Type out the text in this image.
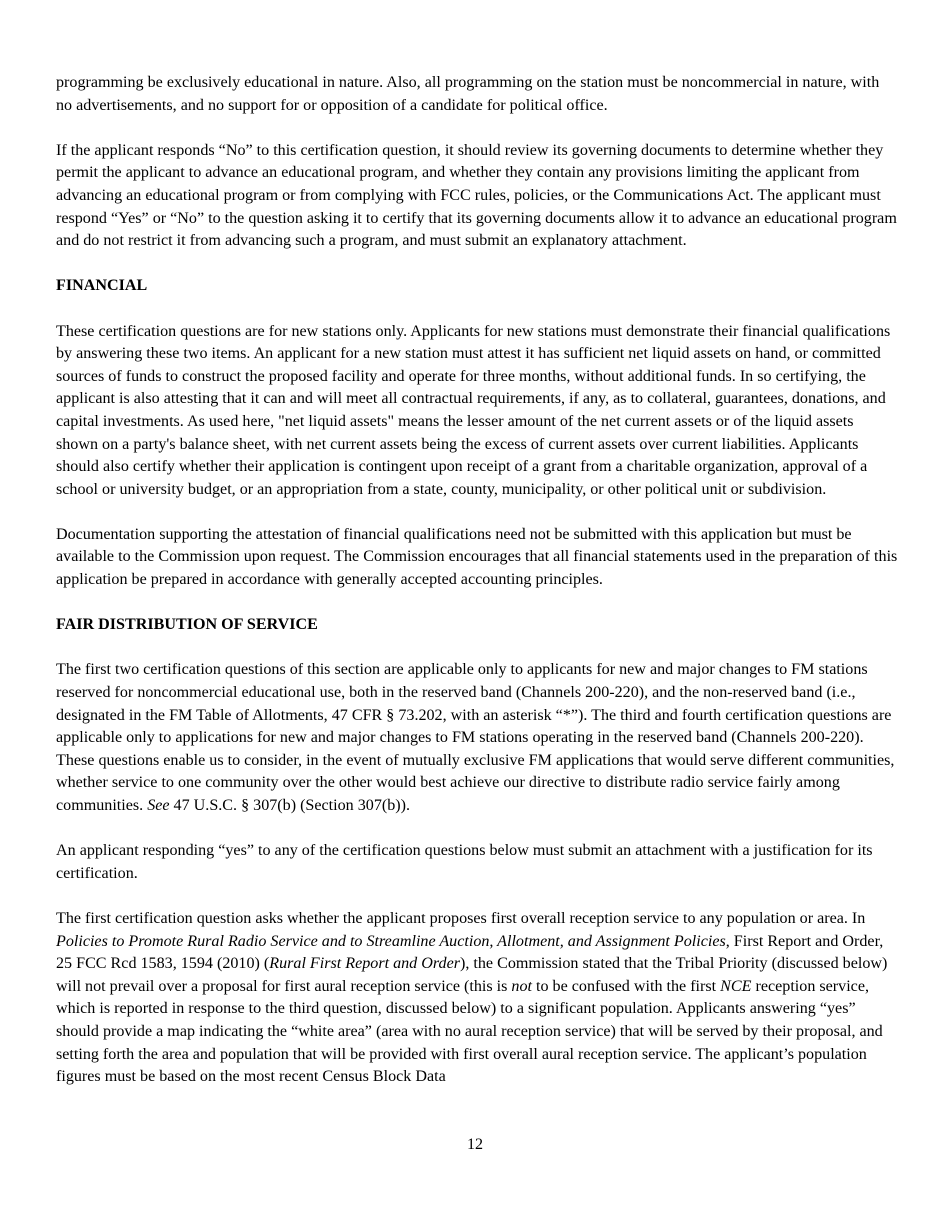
programming be exclusively educational in nature. Also, all programming on the station must be noncommercial in nature, with no advertisements, and no support for or opposition of a candidate for political office.

If the applicant responds “No” to this certification question, it should review its governing documents to determine whether they permit the applicant to advance an educational program, and whether they contain any provisions limiting the applicant from advancing an educational program or from complying with FCC rules, policies, or the Communications Act. The applicant must respond “Yes” or “No” to the question asking it to certify that its governing documents allow it to advance an educational program and do not restrict it from advancing such a program, and must submit an explanatory attachment.

FINANCIAL

These certification questions are for new stations only. Applicants for new stations must demonstrate their financial qualifications by answering these two items. An applicant for a new station must attest it has sufficient net liquid assets on hand, or committed sources of funds to construct the proposed facility and operate for three months, without additional funds. In so certifying, the applicant is also attesting that it can and will meet all contractual requirements, if any, as to collateral, guarantees, donations, and capital investments. As used here, "net liquid assets" means the lesser amount of the net current assets or of the liquid assets shown on a party's balance sheet, with net current assets being the excess of current assets over current liabilities. Applicants should also certify whether their application is contingent upon receipt of a grant from a charitable organization, approval of a school or university budget, or an appropriation from a state, county, municipality, or other political unit or subdivision.

Documentation supporting the attestation of financial qualifications need not be submitted with this application but must be available to the Commission upon request. The Commission encourages that all financial statements used in the preparation of this application be prepared in accordance with generally accepted accounting principles.

FAIR DISTRIBUTION OF SERVICE

The first two certification questions of this section are applicable only to applicants for new and major changes to FM stations reserved for noncommercial educational use, both in the reserved band (Channels 200-220), and the non-reserved band (i.e., designated in the FM Table of Allotments, 47 CFR § 73.202, with an asterisk “*”). The third and fourth certification questions are applicable only to applications for new and major changes to FM stations operating in the reserved band (Channels 200-220). These questions enable us to consider, in the event of mutually exclusive FM applications that would serve different communities, whether service to one community over the other would best achieve our directive to distribute radio service fairly among communities. See 47 U.S.C. § 307(b) (Section 307(b)).

An applicant responding “yes” to any of the certification questions below must submit an attachment with a justification for its certification.

The first certification question asks whether the applicant proposes first overall reception service to any population or area. In Policies to Promote Rural Radio Service and to Streamline Auction, Allotment, and Assignment Policies, First Report and Order, 25 FCC Rcd 1583, 1594 (2010) (Rural First Report and Order), the Commission stated that the Tribal Priority (discussed below) will not prevail over a proposal for first aural reception service (this is not to be confused with the first NCE reception service, which is reported in response to the third question, discussed below) to a significant population. Applicants answering “yes” should provide a map indicating the “white area” (area with no aural reception service) that will be served by their proposal, and setting forth the area and population that will be provided with first overall aural reception service. The applicant’s population figures must be based on the most recent Census Block Data

12
